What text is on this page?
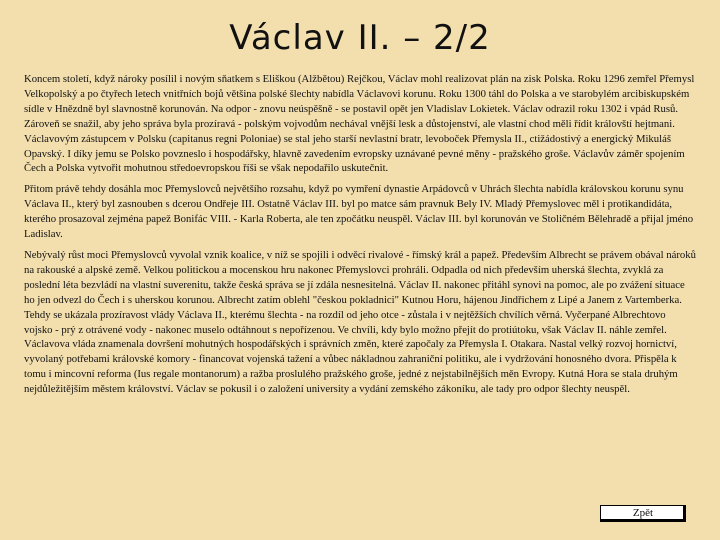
Václav II. – 2/2

Koncem století, když nároky posílil i novým sňatkem s Eliškou (Alžbětou) Rejčkou, Václav mohl realizovat plán na zisk Polska. Roku 1296 zemřel Přemysl Velkopolský a po čtyřech letech vnitřních bojů většina polské šlechty nabídla Václavovi korunu. Roku 1300 táhl do Polska a ve starobylém arcibiskupském sídle v Hnězdně byl slavnostně korunován. Na odpor - znovu neúspěšně - se postavil opět jen Vladislav Lokietek. Václav odrazil roku 1302 i vpád Rusů. Zároveň se snažil, aby jeho správa byla prozíravá - polským vojvodům nechával vnější lesk a důstojenství, ale vlastní chod měli řídit královští hejtmani. Václavovým zástupcem v Polsku (capitanus regni Poloniae) se stal jeho starší nevlastní bratr, levoboček Přemysla II., ctižádostivý a energický Mikuláš Opavský. I díky jemu se Polsko povzneslo i hospodářsky, hlavně zavedením evropsky uznávané pevné měny - pražského groše. Václavův záměr spojením Čech a Polska vytvořit mohutnou středoevropskou říši se však nepodařilo uskutečnit.

Přitom právě tehdy dosáhla moc Přemyslovců největšího rozsahu, když po vymření dynastie Arpádovců v Uhrách šlechta nabídla královskou korunu synu Václava II., který byl zasnouben s dcerou Ondřeje III. Ostatně Václav III. byl po matce sám pravnuk Bely IV. Mladý Přemyslovec měl i protikandidáta, kterého prosazoval zejména papež Bonifác VIII. - Karla Roberta, ale ten zpočátku neuspěl. Václav III. byl korunován ve Stoličném Bělehradě a přijal jméno Ladislav.

Nebývalý růst moci Přemyslovců vyvolal vznik koalice, v níž se spojili i odvěcí rivalové - římský král a papež. Především Albrecht se právem obával nároků na rakouské a alpské země. Velkou politickou a mocenskou hru nakonec Přemyslovci prohráli. Odpadla od nich především uherská šlechta, zvyklá za poslední léta bezvládí na vlastní suverenitu, takže česká správa se jí zdála nesnesitelná. Václav II. nakonec přitáhl synovi na pomoc, ale po zvážení situace ho jen odvezl do Čech i s uherskou korunou. Albrecht zatím oblehl "českou pokladnici" Kutnou Horu, hájenou Jindřichem z Lipé a Janem z Vartemberka. Tehdy se ukázala prozíravost vlády Václava II., kterému šlechta - na rozdíl od jeho otce - zůstala i v nejtěžších chvílích věrná. Vyčerpané Albrechtovo vojsko - prý z otrávené vody - nakonec muselo odtáhnout s nepořízenou. Ve chvíli, kdy bylo možno přejít do protiútoku, však Václav II. náhle zemřel. Václavova vláda znamenala dovršení mohutných hospodářských i správních změn, které započaly za Přemysla I. Otakara. Nastal velký rozvoj hornictví, vyvolaný potřebami královské komory - financovat vojenská tažení a vůbec nákladnou zahraniční politiku, ale i vydržování honosného dvora. Přispěla k tomu i mincovní reforma (Ius regale montanorum) a ražba proslulého pražského groše, jedné z nejstabilnějších měn Evropy. Kutná Hora se stala druhým nejdůležitějším městem království. Václav se pokusil i o založení university a vydání zemského zákoníku, ale tady pro odpor šlechty neuspěl.

Zpět
